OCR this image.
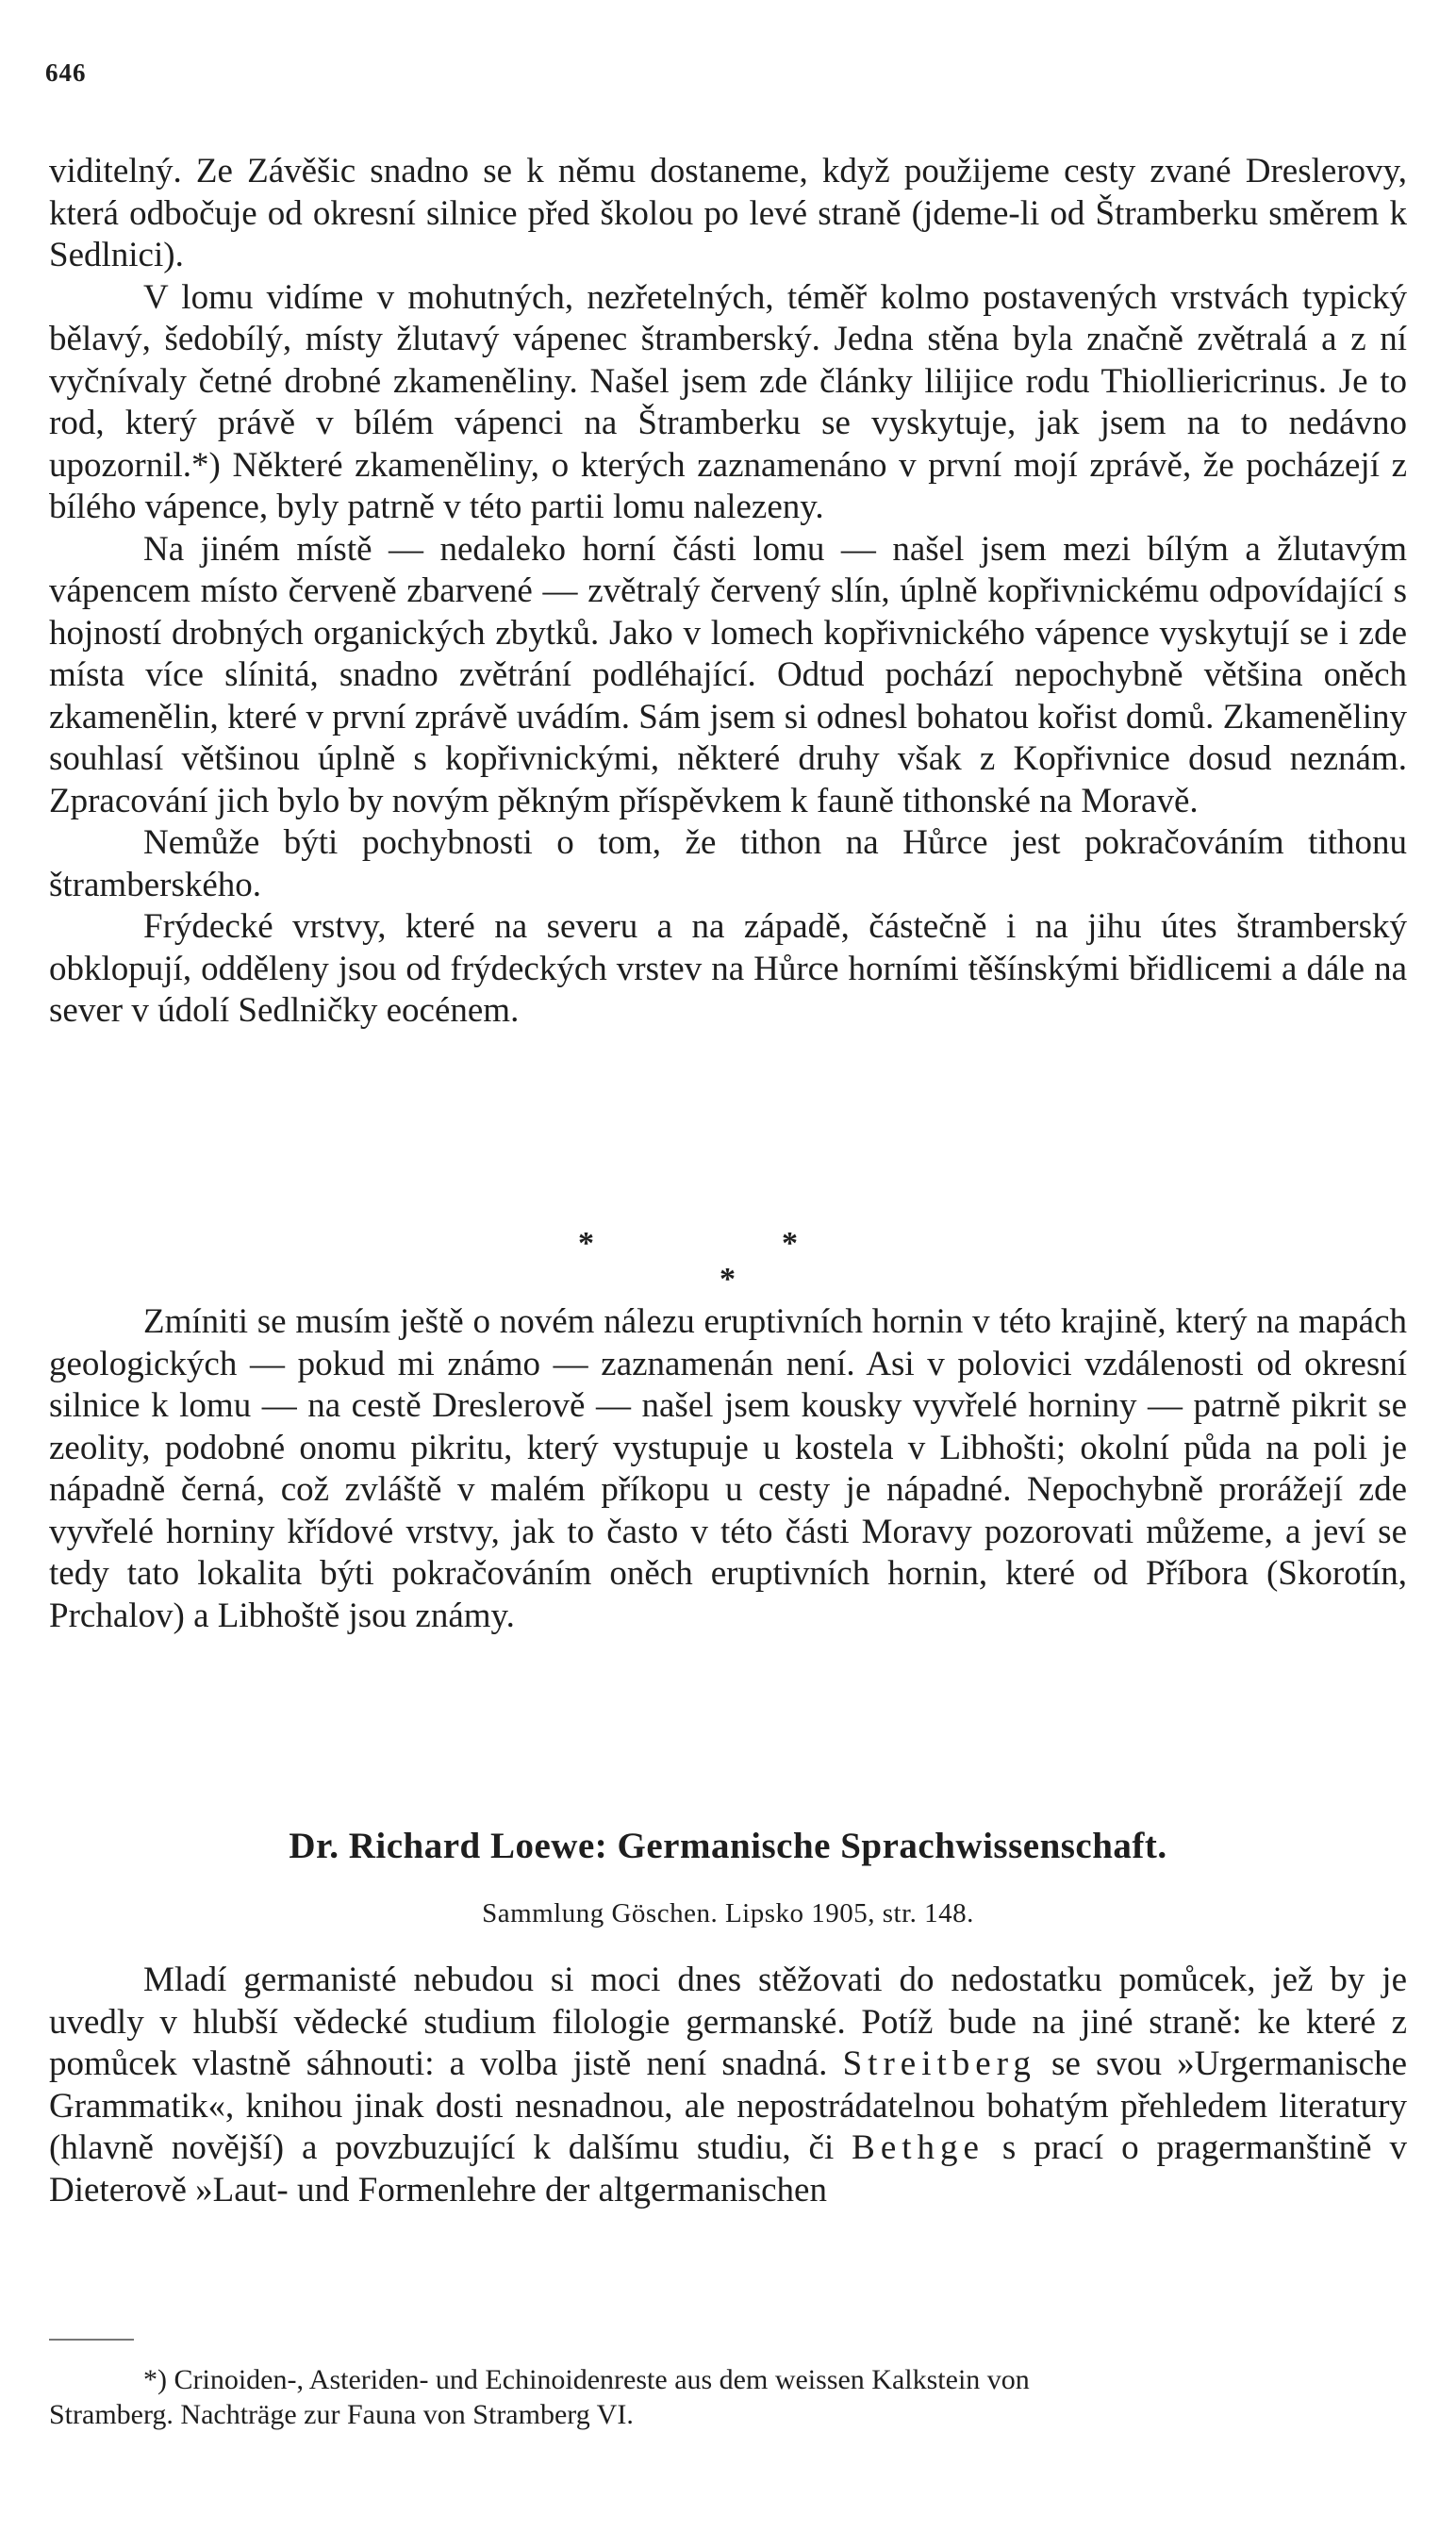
646

viditelný. Ze Závěšic snadno se k němu dostaneme, když použijeme cesty zvané Dreslerovy, která odbočuje od okresní silnice před školou po levé straně (jdeme-li od Štramberku směrem k Sedlnici).

V lomu vidíme v mohutných, nezřetelných, téměř kolmo postavených vrstvách typický bělavý, šedobílý, místy žlutavý vápenec štramberský. Jedna stěna byla značně zvětralá a z ní vyčnívaly četné drobné zkameněliny. Našel jsem zde články lilijice rodu Thiolliericrinus. Je to rod, který právě v bílém vápenci na Štramberku se vyskytuje, jak jsem na to nedávno upozornil.*) Některé zkameněliny, o kterých zaznamenáno v první mojí zprávě, že pocházejí z bílého vápence, byly patrně v této partii lomu nalezeny.

Na jiném místě — nedaleko horní části lomu — našel jsem mezi bílým a žlutavým vápencem místo červeně zbarvené — zvětralý červený slín, úplně kopřivnickému odpovídající s hojností drobných organických zbytků. Jako v lomech kopřivnického vápence vyskytují se i zde místa více slínitá, snadno zvětrání podléhající. Odtud pochází nepochybně většina oněch zkamenělin, které v první zprávě uvádím. Sám jsem si odnesl bohatou kořist domů. Zkameněliny souhlasí většinou úplně s kopřivnickými, některé druhy však z Kopřivnice dosud neznám. Zpracování jich bylo by novým pěkným příspěvkem k fauně tithonské na Moravě.

Nemůže býti pochybnosti o tom, že tithon na Hůrce jest pokračováním tithonu štramberského.

Frýdecké vrstvy, které na severu a na západě, částečně i na jihu útes štramberský obklopují, odděleny jsou od frýdeckých vrstev na Hůrce horními těšínskými břidlicemi a dále na sever v údolí Sedlničky eocénem.

*	*
*

Zmíniti se musím ještě o novém nálezu eruptivních hornin v této krajině, který na mapách geologických — pokud mi známo — zaznamenán není. Asi v polovici vzdálenosti od okresní silnice k lomu — na cestě Dreslerově — našel jsem kousky vyvřelé horniny — patrně pikrit se zeolity, podobné onomu pikritu, který vystupuje u kostela v Libhošti; okolní půda na poli je nápadně černá, což zvláště v malém příkopu u cesty je nápadné. Nepochybně prorážejí zde vyvřelé horniny křídové vrstvy, jak to často v této části Moravy pozorovati můžeme, a jeví se tedy tato lokalita býti pokračováním oněch eruptivních hornin, které od Příbora (Skorotín, Prchalov) a Libhoště jsou známy.

Dr. Richard Loewe: Germanische Sprachwissenschaft.
Sammlung Göschen. Lipsko 1905, str. 148.

Mladí germanisté nebudou si moci dnes stěžovati do nedostatku pomůcek, jež by je uvedly v hlubší vědecké studium filologie germanské. Potíž bude na jiné straně: ke které z pomůcek vlastně sáhnouti: a volba jistě není snadná. Streitberg se svou »Urgermanische Grammatik«, knihou jinak dosti nesnadnou, ale nepostrádatelnou bohatým přehledem literatury (hlavně novější) a povzbuzující k dalšímu studiu, či Bethge s prací o pragermanštině v Dieterově »Laut- und Formenlehre der altgermanischen

*) Crinoiden-, Asteriden- und Echinoidenreste aus dem weissen Kalkstein von
Stramberg. Nachträge zur Fauna von Stramberg VI.
